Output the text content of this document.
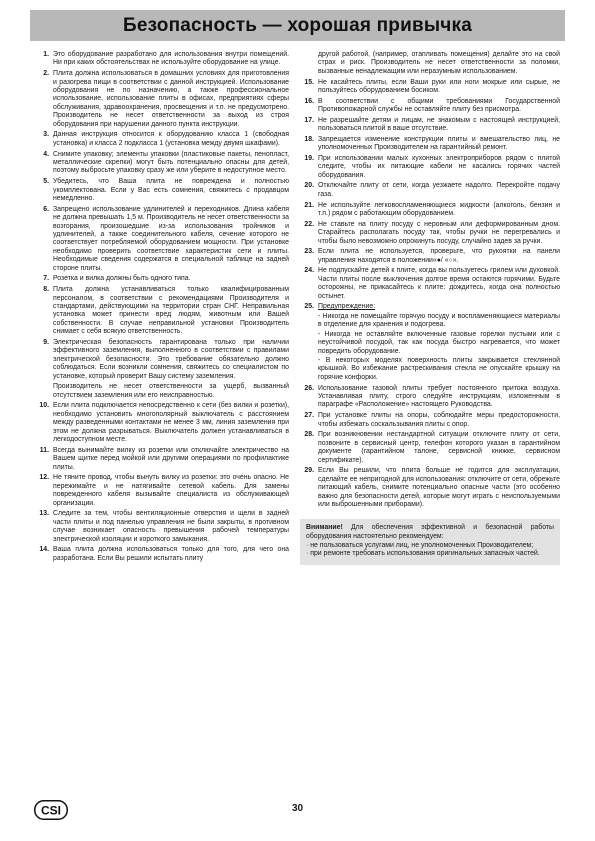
Безопасность — хорошая привычка
1. Это оборудование разработано для использования внутри помещений. Ни при каких обстоятельствах не используйте оборудование на улице.

2. Плита должна использоваться в домашних условиях для приготовления и разогрева пищи в соответствии с данной инструкцией. Использование оборудования не по назначению, а также профессиональное использование, использование плиты в офисах, предприятиях сферы обслуживания, здравоохранения, просвещения и т.п. не предусмотрено. Производитель не несет ответственности за выход из строя оборудования при нарушении данного пункта инструкции.

3. Данная инструкция относится к оборудованию класса 1 (свободная установка) и класса 2 подкласса 1 (установка между двумя шкафами).

4. Снимите упаковку; элементы упаковки (пластиковые пакеты, пенопласт, металлические скрепки) могут быть потенциально опасны для детей, поэтому выбросьте упаковку сразу же или уберите в недоступное место.

5. Убедитесь, что Ваша плита не повреждена и полностью укомплектована. Если у Вас есть сомнения, свяжитесь с продавцом немедленно.

6. Запрещено использование удлинителей и переходников. Длина кабеля не должна превышать 1,5 м. Производитель не несет ответственности за возгорания, произошедшие из-за использования тройников и удлинителей, а также соединительного кабеля, сечение которого не соответствует потребляемой оборудованием мощности. При установке необходимо проверить соответствие характеристик сети и плиты. Необходимые сведения содержатся в специальной таблице на задней стороне плиты.

7. Розетка и вилка должны быть одного типа.

8. Плита должна устанавливаться только квалифицированным персоналом, в соответствии с рекомендациями Производителя и стандартами, действующими на территории стран СНГ. Неправильная установка может принести вред людям, животным или Вашей собственности. В случае неправильной установки Производитель снимает с себя всякую ответственность.

9. Электрическая безопасность гарантирована только при наличии эффективного заземления, выполненного в соответствии с правилами электрической безопасности. Это требование обязательно должно соблюдаться. Если возникли сомнения, свяжитесь со специалистом по установке, который проверит Вашу систему заземления.

Производитель не несет ответственности за ущерб, вызванный отсутствием заземления или его неисправностью.

10. Если плита подключается непосредственно к сети (без вилки и розетки), необходимо установить многополярный выключатель с расстоянием между разведенными контактами не менее 3 мм, линия заземления при этом не должна разрываться. Выключатель должен устанавливаться в легкодоступном месте.

11. Всегда вынимайте вилку из розетки или отключайте электричество на Вашем щитке перед мойкой или другими операциями по профилактике плиты.

12. Не тяните провод, чтобы вынуть вилку из розетки: это очень опасно. Не пережимайте и не натягивайте сетевой кабель. Для замены поврежденного кабеля вызывайте специалиста из обслуживающей организации.

13. Следите за тем, чтобы вентиляционные отверстия и щели в задней части плиты и под панелью управления не были закрыты, в противном случае возникает опасность превышения рабочей температуры электрической изоляции и короткого замыкания.

14. Ваша плита должна использоваться только для того, для чего она разработана. Если Вы решили испытать плиту

другой работой, (например, отапливать помещения) делайте это на свой страх и риск. Производитель не несет ответственности за поломки, вызванные ненадлежащим или неразумным использованием.
15. Не касайтесь плиты, если Ваши руки или ноги мокрые или сырые, не пользуйтесь оборудованием босиком.

16. В соответствии с общими требованиями Государственной Противопожарной службы не оставляйте плиту без присмотра.

17. Не разрешайте детям и лицам, не знакомым с настоящей инструкцией, пользоваться плитой в ваше отсутствие.

18. Запрещается изменение конструкции плиты и вмешательство лиц, не уполномоченных Производителем на гарантийный ремонт.

19. При использовании малых кухонных электроприборов рядом с плитой следите, чтобы их питающие кабели не касались горячих частей оборудования.

20. Отключайте плиту от сети, когда уезжаете надолго. Перекройте подачу газа.

21. Не используйте легковоспламеняющиеся жидкости (алкоголь, бензин и т.п.) рядом с работающим оборудованием.

22. Не ставьте на плиту посуду с неровным или деформированным дном. Старайтесь располагать посуду так, чтобы ручки не перегревались и чтобы было невозможно опрокинуть посуду, случайно задев за ручки.

23. Если плита не используется, проверьте, что рукоятки на панели управления находятся в положении«●/ «○».

24. Не подпускайте детей к плите, когда вы пользуетесь грилем или духовкой. Части плиты после выключения долгое время остаются горячими. Будьте осторожны, не прикасайтесь к плите: дождитесь, когда она полностью остынет.

25. Предупреждение:
- Никогда не помещайте горячую посуду и воспламеняющиеся материалы в отделение для хранения и подогрева.
- Никогда не оставляйте включенные газовые горелки пустыми или с неустойчивой посудой, так как посуда быстро нагревается, что может повредить оборудование.
- В некоторых моделях поверхность плиты закрывается стеклянной крышкой. Во избежание растрескивания стекла не опускайте крышку на горячие конфорки.
26. Использование газовой плиты требует постоянного притока воздуха. Устанавливая плиту, строго следуйте инструкциям, изложенным в параграфе «Расположение» настоящего Руководства.

27. При установке плиты на опоры, соблюдайте меры предосторожности, чтобы избежать соскальзывания плиты с опор.

28. При возникновении нестандартной ситуации отключите плиту от сети, позвоните в сервисный центр, телефон которого указан в гарантийном документе (гарантийном талоне, сервисной книжке, сервисном сертификате).

29. Если Вы решили, что плита больше не годится для эксплуатации, сделайте ее непригодной для использования: отключите от сети, обрежьте питающий кабель, снимите потенциально опасные части (это особенно важно для безопасности детей, которые могут играть с неиспользуемыми или выброшенными приборами).

Внимание! Для обеспечения эффективной и безопасной работы оборудования настоятельно рекомендуем:
· не пользоваться услугами лиц, не уполномоченных Производителем;
· при ремонте требовать использования оригинальных запасных частей.
CSI	30
